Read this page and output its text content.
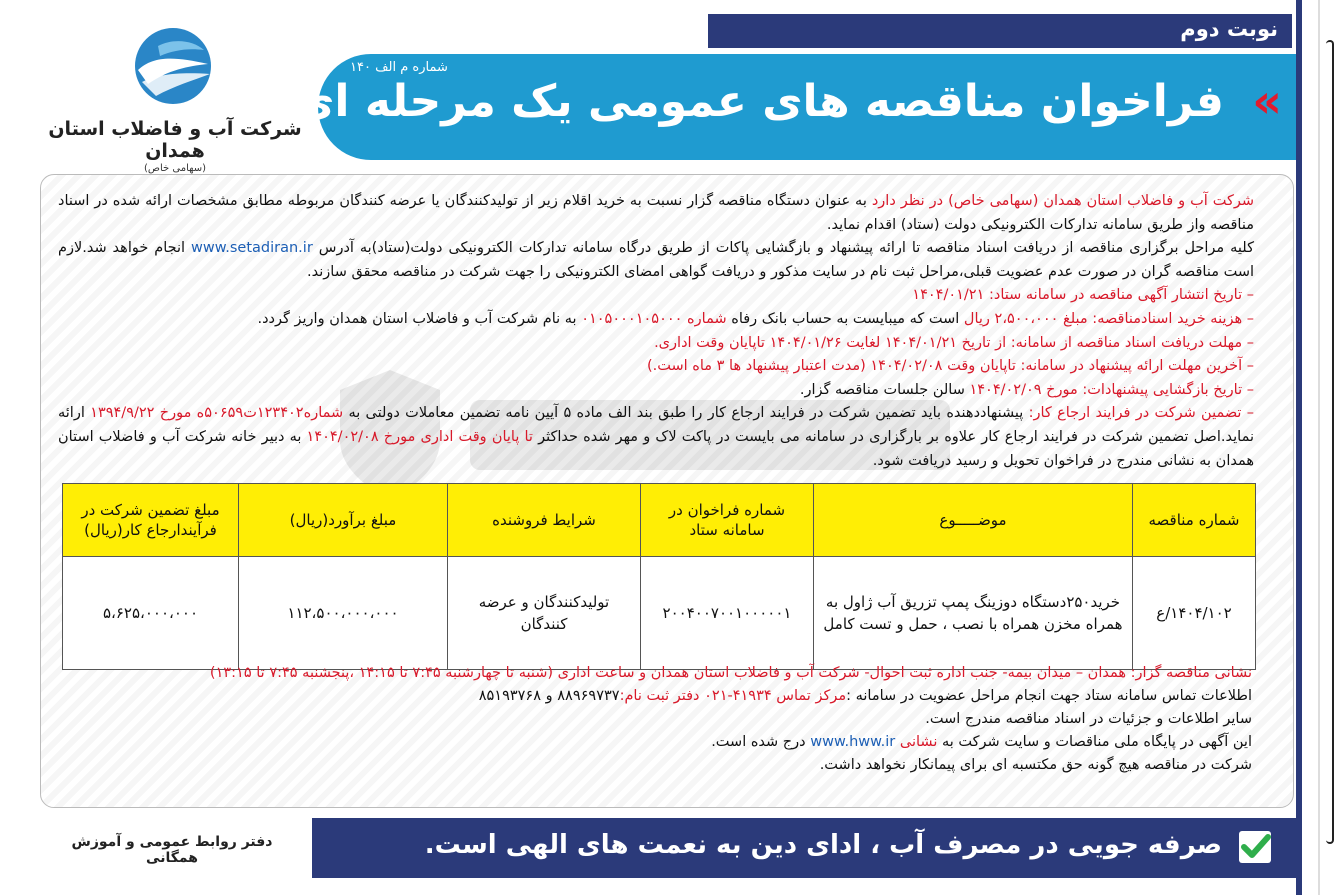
نوبت دوم
شماره م الف ۱۴۰
فراخوان مناقصه های عمومی یک مرحله ای «
شرکت آب و فاضلاب استان همدان
(سهامی خاص)

شرکت آب و فاضلاب استان همدان (سهامی خاص) در نظر دارد به عنوان دستگاه مناقصه گزار نسبت به خرید اقلام زیر از تولیدکنندگان یا عرضه کنندگان مربوطه مطابق مشخصات ارائه شده در اسناد مناقصه واز طریق سامانه تدارکات الکترونیکی دولت (ستاد) اقدام نماید.

کلیه مراحل برگزاری مناقصه از دریافت اسناد مناقصه تا ارائه پیشنهاد و بازگشایی پاکات از طریق درگاه سامانه تدارکات الکترونیکی دولت(ستاد)به آدرس www.setadiran.ir انجام خواهد شد.لازم است مناقصه گران در صورت عدم عضویت قبلی،مراحل ثبت نام در سایت مذکور و دریافت گواهی امضای الکترونیکی را جهت شرکت در مناقصه محقق سازند.

– تاریخ انتشار آگهی مناقصه در سامانه ستاد: ۱۴۰۴/۰۱/۲۱

– هزینه خرید اسنادمناقصه: مبلغ ۲،۵۰۰،۰۰۰ ریال است که میبایست به حساب بانک رفاه شماره ۰۱۰۵۰۰۰۱۰۵۰۰۰ به نام شرکت آب و فاضلاب استان همدان واریز گردد.

– مهلت دریافت اسناد مناقصه از سامانه: از تاریخ ۱۴۰۴/۰۱/۲۱ لغایت ۱۴۰۴/۰۱/۲۶ تاپایان وقت اداری.

– آخرین مهلت ارائه پیشنهاد در سامانه: تاپایان وقت ۱۴۰۴/۰۲/۰۸ (مدت اعتبار پیشنهاد ها ۳ ماه است.)

– تاریخ بازگشایی پیشنهادات: مورخ ۱۴۰۴/۰۲/۰۹ سالن جلسات مناقصه گزار.

– تضمین شرکت در فرایند ارجاع کار: پیشنهاددهنده باید تضمین شرکت در فرایند ارجاع کار را طبق بند الف ماده ۵ آیین نامه تضمین معاملات دولتی به شماره۱۲۳۴۰۲ت۵۰۶۵۹ه مورخ ۱۳۹۴/۹/۲۲ ارائه نماید.اصل تضمین شرکت در فرایند ارجاع کار علاوه بر بارگزاری در سامانه می بایست در پاکت لاک و مهر شده حداکثر تا پایان وقت اداری مورخ ۱۴۰۴/۰۲/۰۸ به دبیر خانه شرکت آب و فاضلاب استان همدان به نشانی مندرج در فراخوان تحویل و رسید دریافت شود.

شماره مناقصه	موضـــــوع	شماره فراخوان در سامانه ستاد	شرایط فروشنده	مبلغ برآورد(ریال)	مبلغ تضمین شرکت در فرآیندارجاع کار(ریال)
۱۴۰۴/۱۰۲/ع	خرید۲۵۰دستگاه دوزینگ پمپ تزریق آب ژاول به همراه مخزن همراه با نصب ، حمل و تست کامل	۲۰۰۴۰۰۷۰۰۱۰۰۰۰۰۱	تولیدکنندگان و عرضه کنندگان	۱۱۲،۵۰۰،۰۰۰،۰۰۰	۵،۶۲۵،۰۰۰،۰۰۰

نشانی مناقصه گزار: همدان – میدان بیمه- جنب اداره ثبت احوال- شرکت آب و فاضلاب استان همدان و ساعت اداری (شنبه تا چهارشنبه ۷:۴۵ تا ۱۴:۱۵ ،پنجشنبه ۷:۴۵ تا ۱۳:۱۵)

اطلاعات تماس سامانه ستاد جهت انجام مراحل عضویت در سامانه :مرکز تماس ۴۱۹۳۴-۰۲۱ دفتر ثبت نام:۸۸۹۶۹۷۳۷ و ۸۵۱۹۳۷۶۸

سایر اطلاعات و جزئیات در اسناد مناقصه مندرج است.

این آگهی در پایگاه ملی مناقصات و سایت شرکت به نشانی www.hww.ir درج شده است.

شرکت در مناقصه هیچ گونه حق مکتسبه ای برای پیمانکار نخواهد داشت.

صرفه جویی در مصرف آب ، ادای دین به نعمت های الهی است.
دفتر روابط عمومی و آموزش همگانی
